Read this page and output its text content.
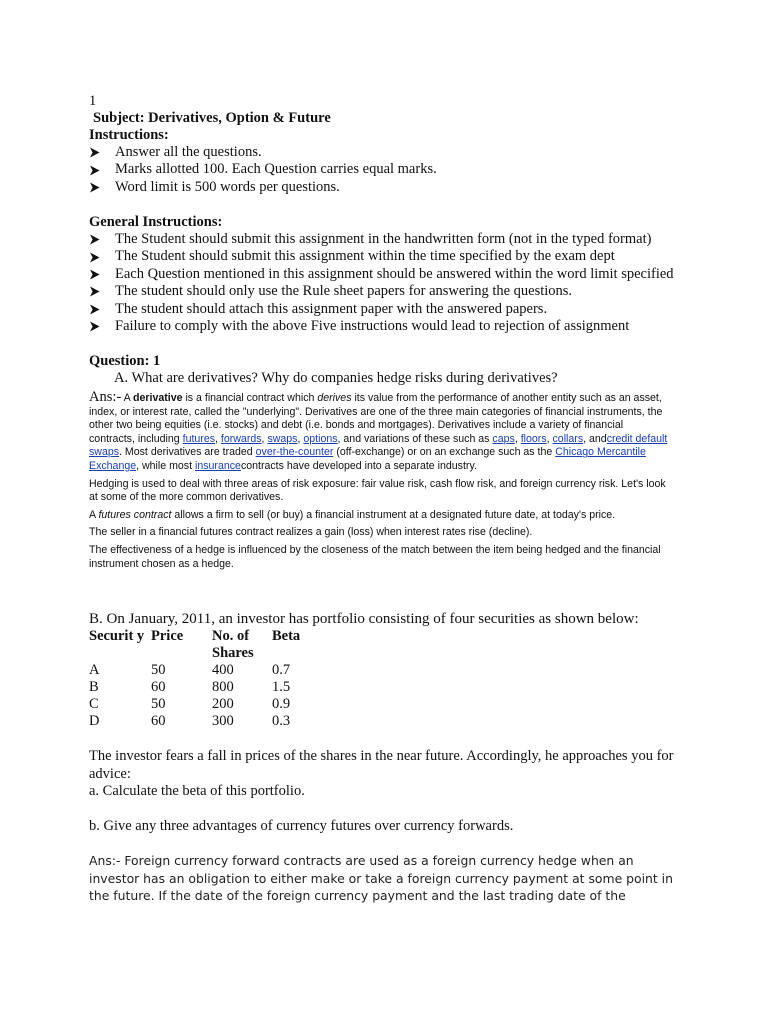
1
Subject: Derivatives, Option & Future
Instructions:
Answer all the questions.
Marks allotted 100. Each Question carries equal marks.
Word limit is 500 words per questions.
General Instructions:
The Student should submit this assignment in the handwritten form (not in the typed format)
The Student should submit this assignment within the time specified by the exam dept
Each Question mentioned in this assignment should be answered within the word limit specified
The student should only use the Rule sheet papers for answering the questions.
The student should attach this assignment paper with the answered papers.
Failure to comply with the above Five instructions would lead to rejection of assignment
Question: 1
A. What are derivatives? Why do companies hedge risks during derivatives?

Ans:- A derivative is a financial contract which derives its value from the performance of another entity such as an asset, index, or interest rate, called the "underlying". Derivatives are one of the three main categories of financial instruments, the other two being equities (i.e. stocks) and debt (i.e. bonds and mortgages). Derivatives include a variety of financial contracts, including futures, forwards, swaps, options, and variations of these such as caps, floors, collars, andcredit default swaps. Most derivatives are traded over-the-counter (off-exchange) or on an exchange such as the Chicago Mercantile Exchange, while most insurancecontracts have developed into a separate industry.

Hedging is used to deal with three areas of risk exposure: fair value risk, cash flow risk, and foreign currency risk. Let's look at some of the more common derivatives.

A futures contract allows a firm to sell (or buy) a financial instrument at a designated future date, at today's price.

The seller in a financial futures contract realizes a gain (loss) when interest rates rise (decline).

The effectiveness of a hedge is influenced by the closeness of the match between the item being hedged and the financial instrument chosen as a hedge.

B. On January, 2011, an investor has portfolio consisting of four securities as shown below:
Securit y	Price	No. of Shares	Beta
A	50	400	0.7
B	60	800	1.5
C	50	200	0.9
D	60	300	0.3
The investor fears a fall in prices of the shares in the near future. Accordingly, he approaches you for advice:
a. Calculate the beta of this portfolio.
b. Give any three advantages of currency futures over currency forwards.
Ans:- Foreign currency forward contracts are used as a foreign currency hedge when an investor has an obligation to either make or take a foreign currency payment at some point in the future. If the date of the foreign currency payment and the last trading date of the
